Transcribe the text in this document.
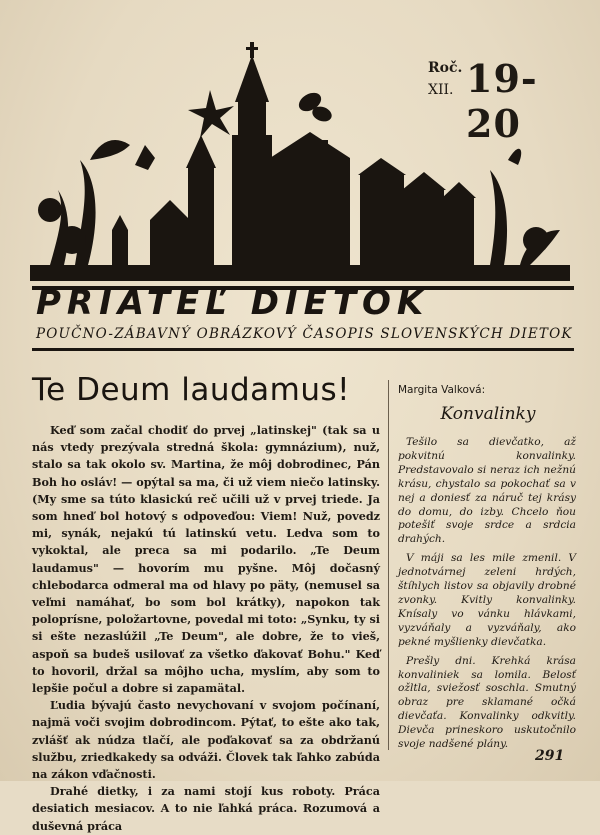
Roč.
XII. 19-20
PRIATEĽ DIETOK
POUČNO-ZÁBAVNÝ OBRÁZKOVÝ ČASOPIS SLOVENSKÝCH DIETOK
Te Deum laudamus!

Keď som začal chodiť do prvej „latinskej" (tak sa u nás vtedy prezývala stredná škola: gymnázium), nuž, stalo sa tak okolo sv. Martina, že môj dobrodinec, Pán Boh ho osláv! — opýtal sa ma, či už viem niečo latinsky. (My sme sa túto klasickú reč učili už v prvej triede. Ja som hneď bol hotový s odpoveďou: Viem! Nuž, povedz mi, synák, nejakú tú latinskú vetu. Ledva som to vykoktal, ale preca sa mi podarilo. „Te Deum laudamus" — hovorím mu pyšne. Môj dočasný chlebodarca odmeral ma od hlavy po päty, (nemusel sa veľmi namáhať, bo som bol krátky), napokon tak poloprísne, položartovne, povedal mi toto: „Synku, ty si si ešte nezaslúžil „Te Deum", ale dobre, že to vieš, aspoň sa budeš usilovať za všetko ďakovať Bohu." Keď to hovoril, držal sa môjho ucha, myslím, aby som to lepšie počul a dobre si zapamätal.

Ľudia bývajú často nevychovaní v svojom počínaní, najmä voči svojim dobrodincom. Pýtať, to ešte ako tak, zvlášť ak núdza tlačí, ale poďakovať sa za obdržanú službu, zriedkakedy sa odváži. Človek tak ľahko zabúda na zákon vďačnosti.

Drahé dietky, i za nami stojí kus roboty. Práca desiatich mesiacov. A to nie ľahká práca. Rozumová a duševná práca

Margita Valková:
Konvalinky

Tešilo sa dievčatko, až pokvitnú konvalinky. Predstavovalo si neraz ich nežnú krásu, chystalo sa pokochať sa v nej a doniesť za náruč tej krásy do domu, do izby. Chcelo ňou potešiť svoje srdce a srdcia drahých.

V máji sa les mile zmenil. V jednotvárnej zeleni hrdých, štíhlych listov sa objavily drobné zvonky. Kvitly konvalinky. Knísaly vo vánku hlávkami, vyzváňaly a vyzváňaly, ako pekné myšlienky dievčatka.

Prešly dni. Krehká krása konvaliniek sa lomila. Belosť ožltla, sviežosť soschla. Smutný obraz pre sklamané očká dievčaťa. Konvalinky odkvitly. Dievča prineskoro uskutočnilo svoje nadšené plány.

291
